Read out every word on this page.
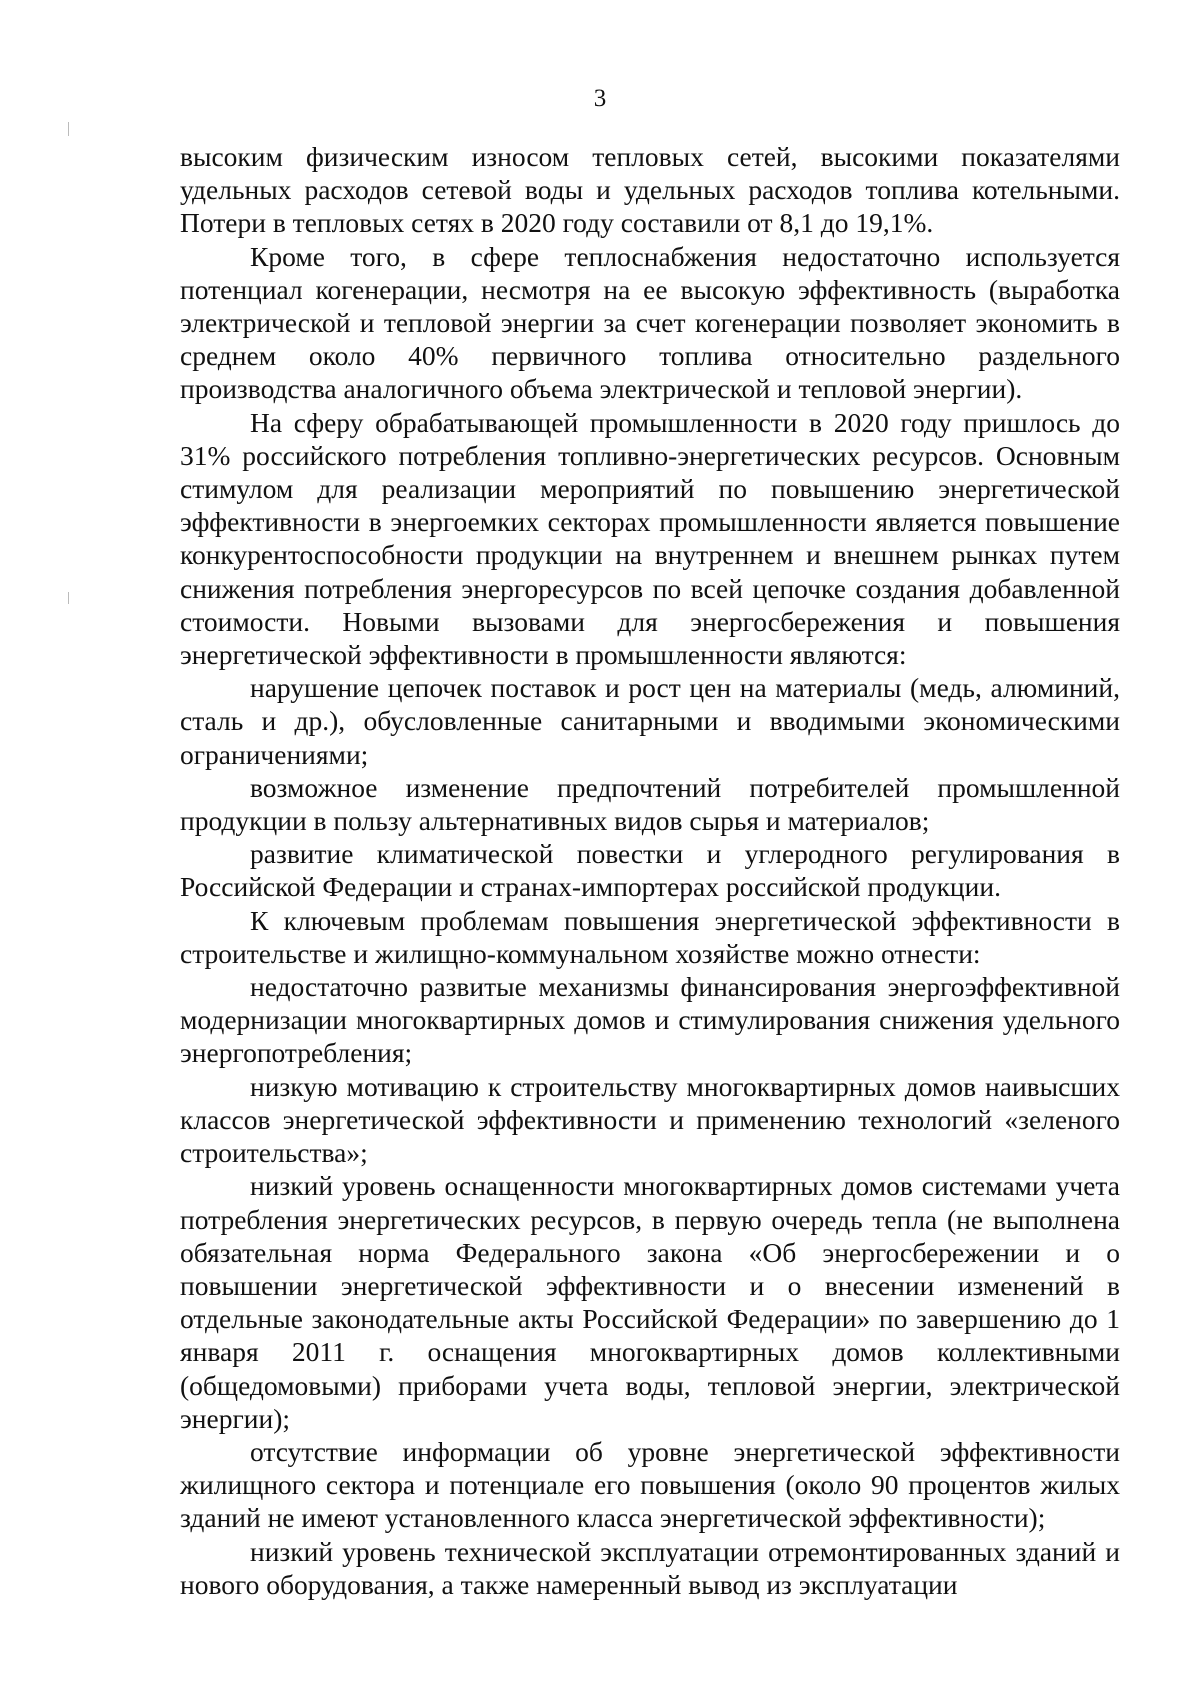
3

высоким физическим износом тепловых сетей, высокими показателями удельных расходов сетевой воды и удельных расходов топлива котельными. Потери в тепловых сетях в 2020 году составили от 8,1 до 19,1%.

Кроме того, в сфере теплоснабжения недостаточно используется потенциал когенерации, несмотря на ее высокую эффективность (выработка электрической и тепловой энергии за счет когенерации позволяет экономить в среднем около 40% первичного топлива относительно раздельного производства аналогичного объема электрической и тепловой энергии).

На сферу обрабатывающей промышленности в 2020 году пришлось до 31% российского потребления топливно-энергетических ресурсов. Основным стимулом для реализации мероприятий по повышению энергетической эффективности в энергоемких секторах промышленности является повышение конкурентоспособности продукции на внутреннем и внешнем рынках путем снижения потребления энергоресурсов по всей цепочке создания добавленной стоимости. Новыми вызовами для энергосбережения и повышения энергетической эффективности в промышленности являются:

нарушение цепочек поставок и рост цен на материалы (медь, алюминий, сталь и др.), обусловленные санитарными и вводимыми экономическими ограничениями;

возможное изменение предпочтений потребителей промышленной продукции в пользу альтернативных видов сырья и материалов;

развитие климатической повестки и углеродного регулирования в Российской Федерации и странах-импортерах российской продукции.

К ключевым проблемам повышения энергетической эффективности в строительстве и жилищно-коммунальном хозяйстве можно отнести:

недостаточно развитые механизмы финансирования энергоэффективной модернизации многоквартирных домов и стимулирования снижения удельного энергопотребления;

низкую мотивацию к строительству многоквартирных домов наивысших классов энергетической эффективности и применению технологий «зеленого строительства»;

низкий уровень оснащенности многоквартирных домов системами учета потребления энергетических ресурсов, в первую очередь тепла (не выполнена обязательная норма Федерального закона «Об энергосбережении и о повышении энергетической эффективности и о внесении изменений в отдельные законодательные акты Российской Федерации» по завершению до 1 января 2011 г. оснащения многоквартирных домов коллективными (общедомовыми) приборами учета воды, тепловой энергии, электрической энергии);

отсутствие информации об уровне энергетической эффективности жилищного сектора и потенциале его повышения (около 90 процентов жилых зданий не имеют установленного класса энергетической эффективности);

низкий уровень технической эксплуатации отремонтированных зданий и нового оборудования, а также намеренный вывод из эксплуатации
